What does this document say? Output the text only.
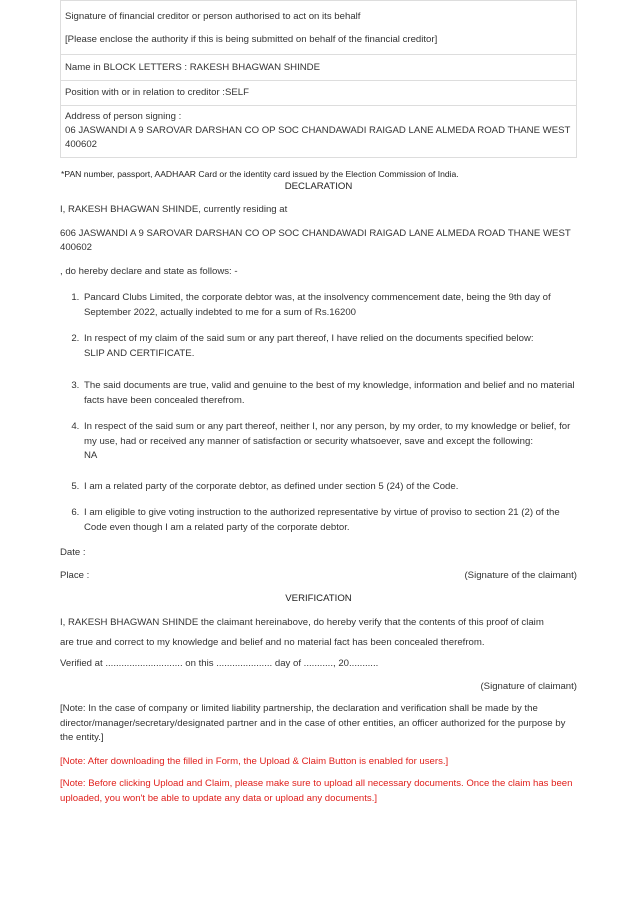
Signature of financial creditor or person authorised to act on its behalf

[Please enclose the authority if this is being submitted on behalf of the financial creditor]

Name in BLOCK LETTERS : RAKESH BHAGWAN SHINDE

Position with or in relation to creditor :SELF

Address of person signing :

06 JASWANDI A 9 SAROVAR DARSHAN CO OP SOC CHANDAWADI RAIGAD LANE ALMEDA ROAD THANE WEST 400602

*PAN number, passport, AADHAAR Card or the identity card issued by the Election Commission of India.

DECLARATION

I, RAKESH BHAGWAN SHINDE, currently residing at

606 JASWANDI A 9 SAROVAR DARSHAN CO OP SOC CHANDAWADI RAIGAD LANE ALMEDA ROAD THANE WEST 400602

, do hereby declare and state as follows: -

1. Pancard Clubs Limited, the corporate debtor was, at the insolvency commencement date, being the 9th day of September 2022, actually indebted to me for a sum of Rs.16200
2. In respect of my claim of the said sum or any part thereof, I have relied on the documents specified below:
SLIP AND CERTIFICATE.
3. The said documents are true, valid and genuine to the best of my knowledge, information and belief and no material facts have been concealed therefrom.
4. In respect of the said sum or any part thereof, neither I, nor any person, by my order, to my knowledge or belief, for my use, had or received any manner of satisfaction or security whatsoever, save and except the following:
NA
5. I am a related party of the corporate debtor, as defined under section 5 (24) of the Code.
6. I am eligible to give voting instruction to the authorized representative by virtue of proviso to section 21 (2) of the Code even though I am a related party of the corporate debtor.

Date :

Place :	(Signature of the claimant)

VERIFICATION

I, RAKESH BHAGWAN SHINDE the claimant hereinabove, do hereby verify that the contents of this proof of claim

are true and correct to my knowledge and belief and no material fact has been concealed therefrom.

Verified at ............................. on this ..................... day of ..........., 20...........

(Signature of claimant)

[Note: In the case of company or limited liability partnership, the declaration and verification shall be made by the director/manager/secretary/designated partner and in the case of other entities, an officer authorized for the purpose by the entity.]

[Note: After downloading the filled in Form, the Upload & Claim Button is enabled for users.]

[Note: Before clicking Upload and Claim, please make sure to upload all necessary documents. Once the claim has been uploaded, you won't be able to update any data or upload any documents.]
